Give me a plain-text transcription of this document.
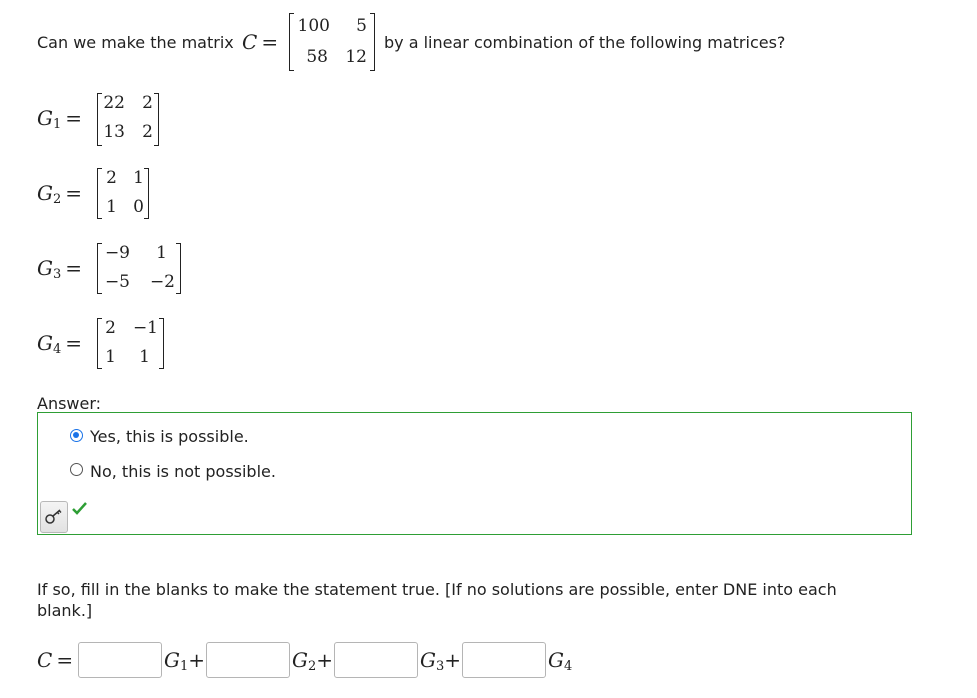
Can we make the matrix C =
100 5
58 12
by a linear combination of the following matrices?
$G_1$ =
22 2
13 2
$G_2$ =
2 1
1 0
$G_3$ =
−9 1
−5 −2
$G_4$ =
2 −1
1 1
Answer:
Yes, this is possible.
No, this is not possible.
If so, fill in the blanks to make the statement true. [If no solutions are possible, enter DNE into each
blank.]
C =	$G_1+$	$G_2+$	$G_3+$	$G_4$
